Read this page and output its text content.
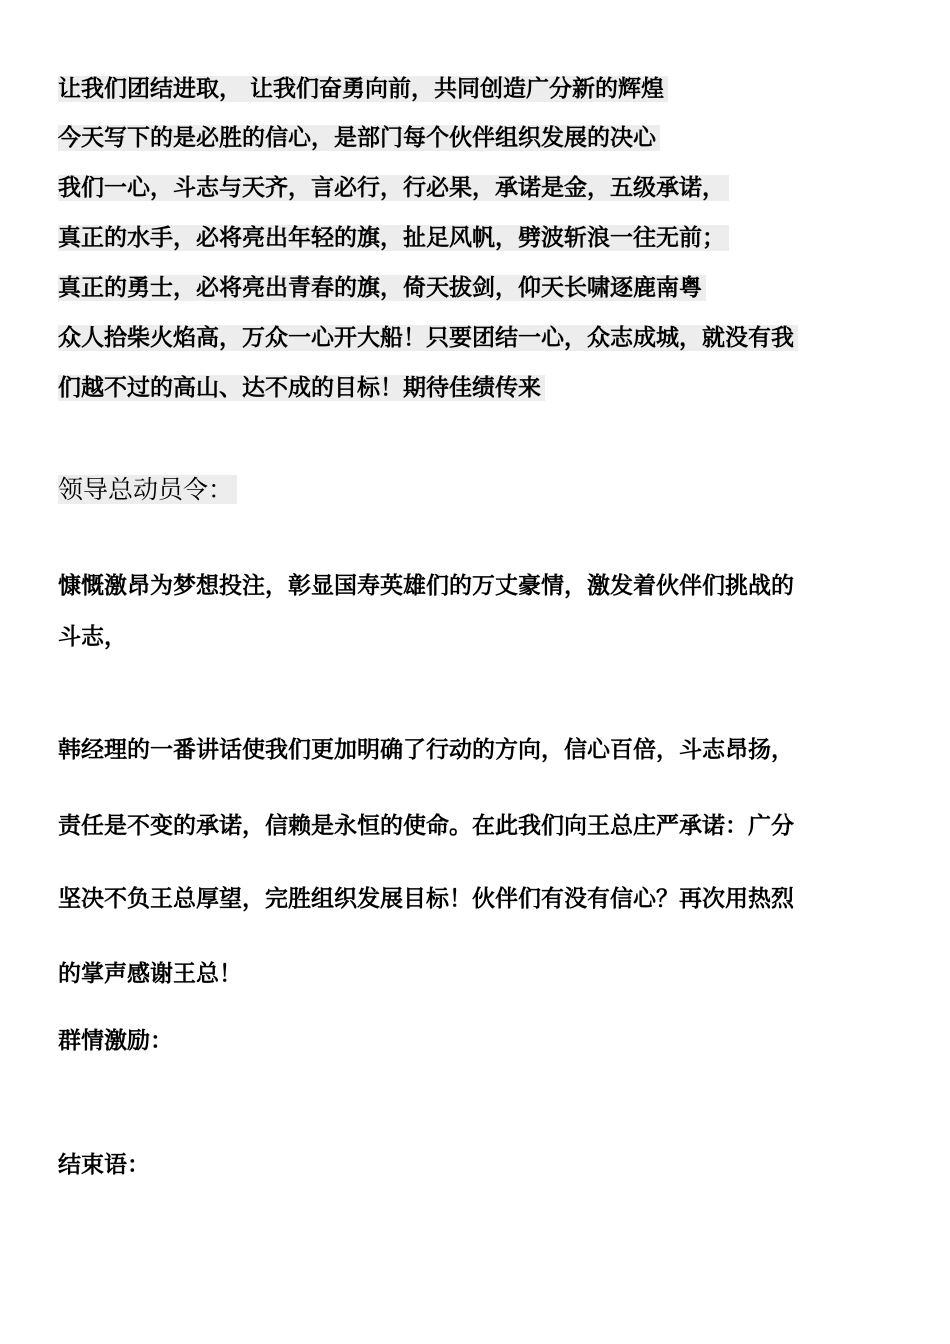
让我们团结进取， 让我们奋勇向前，共同创造广分新的辉煌

今天写下的是必胜的信心，是部门每个伙伴组织发展的决心

我们一心，斗志与天齐，言必行，行必果，承诺是金，五级承诺，

真正的水手，必将亮出年轻的旗，扯足风帆，劈波斩浪一往无前；

真正的勇士，必将亮出青春的旗，倚天拔剑，仰天长啸逐鹿南粤

众人拾柴火焰高，万众一心开大船！只要团结一心，众志成城，就没有我

们越不过的高山、达不成的目标！期待佳绩传来

领导总动员令：

慷慨激昂为梦想投注，彰显国寿英雄们的万丈豪情，激发着伙伴们挑战的

斗志，

韩经理的一番讲话使我们更加明确了行动的方向，信心百倍，斗志昂扬，

责任是不变的承诺，信赖是永恒的使命。在此我们向王总庄严承诺：广分

坚决不负王总厚望，完胜组织发展目标！伙伴们有没有信心？再次用热烈

的掌声感谢王总！

群情激励：

结束语：
